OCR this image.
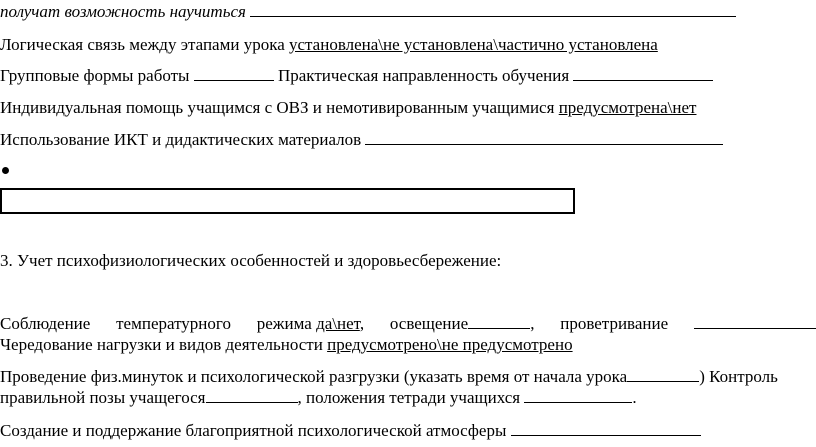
получат возможность научиться
Логическая связь между этапами урока установлена\не установлена\частично установлена
Групповые формы работы	Практическая направленность обучения
Индивидуальная помощь учащимся с ОВЗ и немотивированным учащимися предусмотрена\нет
Использование ИКТ и дидактических материалов
3. Учет психофизиологических особенностей и здоровьесбережение:
Соблюдение температурного режима да\нет, освещение	, проветривание
Чередование нагрузки и видов деятельности предусмотрено\не предусмотрено
Проведение физ.минуток и психологической разгрузки (указать время от начала урока	) Контроль
правильной позы учащегося	, положения тетради учащихся	.
Создание и поддержание благоприятной психологической атмосферы
